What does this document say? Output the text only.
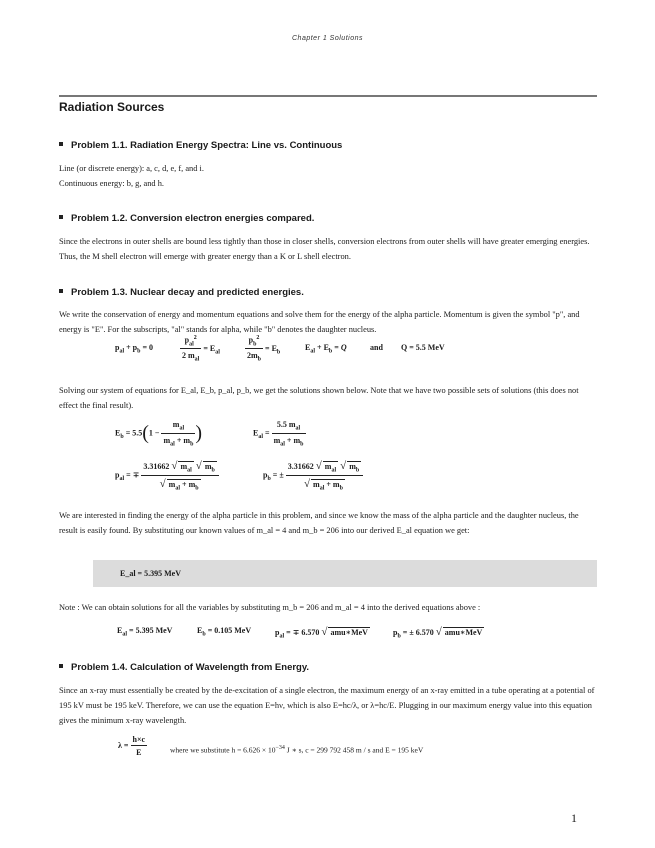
Chapter 1 Solutions
Radiation Sources
Problem 1.1. Radiation Energy Spectra: Line vs. Continuous
Line (or discrete energy): a, c, d, e, f, and i.
Continuous energy: b, g, and h.
Problem 1.2. Conversion electron energies compared.
Since the electrons in outer shells are bound less tightly than those in closer shells, conversion electrons from outer shells will have greater emerging energies. Thus, the M shell electron will emerge with greater energy than a K or L shell electron.
Problem 1.3. Nuclear decay and predicted energies.
We write the conservation of energy and momentum equations and solve them for the energy of the alpha particle. Momentum is given the symbol "p", and energy is "E". For the subscripts, "al" stands for alpha, while "b" denotes the daughter nucleus.
$p_{al} + p_b = 0$	$\frac{p_{al}^2}{2 m_{al}} = E_{al}$	$\frac{p_b^2}{2m_b} = E_b$
$E_{al} + E_b = Q$	and Q = 5.5 MeV
Solving our system of equations for E_al, E_b, p_al, p_b, we get the solutions shown below. Note that we have two possible sets of solutions (this does not effect the final result).
$E_b = 5.5(1 - \frac{m_{al}}{m_{al} + m_b}$ )	$E_{al} = \frac{5.5 m_{al}}{m_{al} + m_b}$
$p_{al}$ = ∓ $\frac{3.31662 √ m_{al} √ m_b}{√ m_{al} + m_b}$	$p_b$ = ± $\frac{3.31662 √ m_{al} √ m_b}{√ m_{al} + m_b}$
We are interested in finding the energy of the alpha particle in this problem, and since we know the mass of the alpha particle and the daughter nucleus, the result is easily found. By substituting our known values of m_al = 4 and m_b = 206 into our derived E_al equation we get:
E_al = 5.395 MeV
Note : We can obtain solutions for all the variables by substituting m_b = 206 and m_al = 4 into the derived equations above :
$E_{al} = 5.395$ MeV	$E_b = 0.105$ MeV	$p_{al}$ = ∓ 6.570 √ amu∗MeV	$p_b$ = ± 6.570 √ amu∗MeV
Problem 1.4. Calculation of Wavelength from Energy.
Since an x-ray must essentially be created by the de-excitation of a single electron, the maximum energy of an x-ray emitted in a tube operating at a potential of 195 kV must be 195 keV. Therefore, we can use the equation E=hν, which is also E=hc/λ, or λ=hc/E. Plugging in our maximum energy value into this equation gives the minimum x-ray wavelength.
$\lambda = \frac{h\times c}{E}$	where we substitute $h = 6.626 \times 10^{-34}$ J ∗ s, c = 299 792 458 m / s and E = 195 keV
1
